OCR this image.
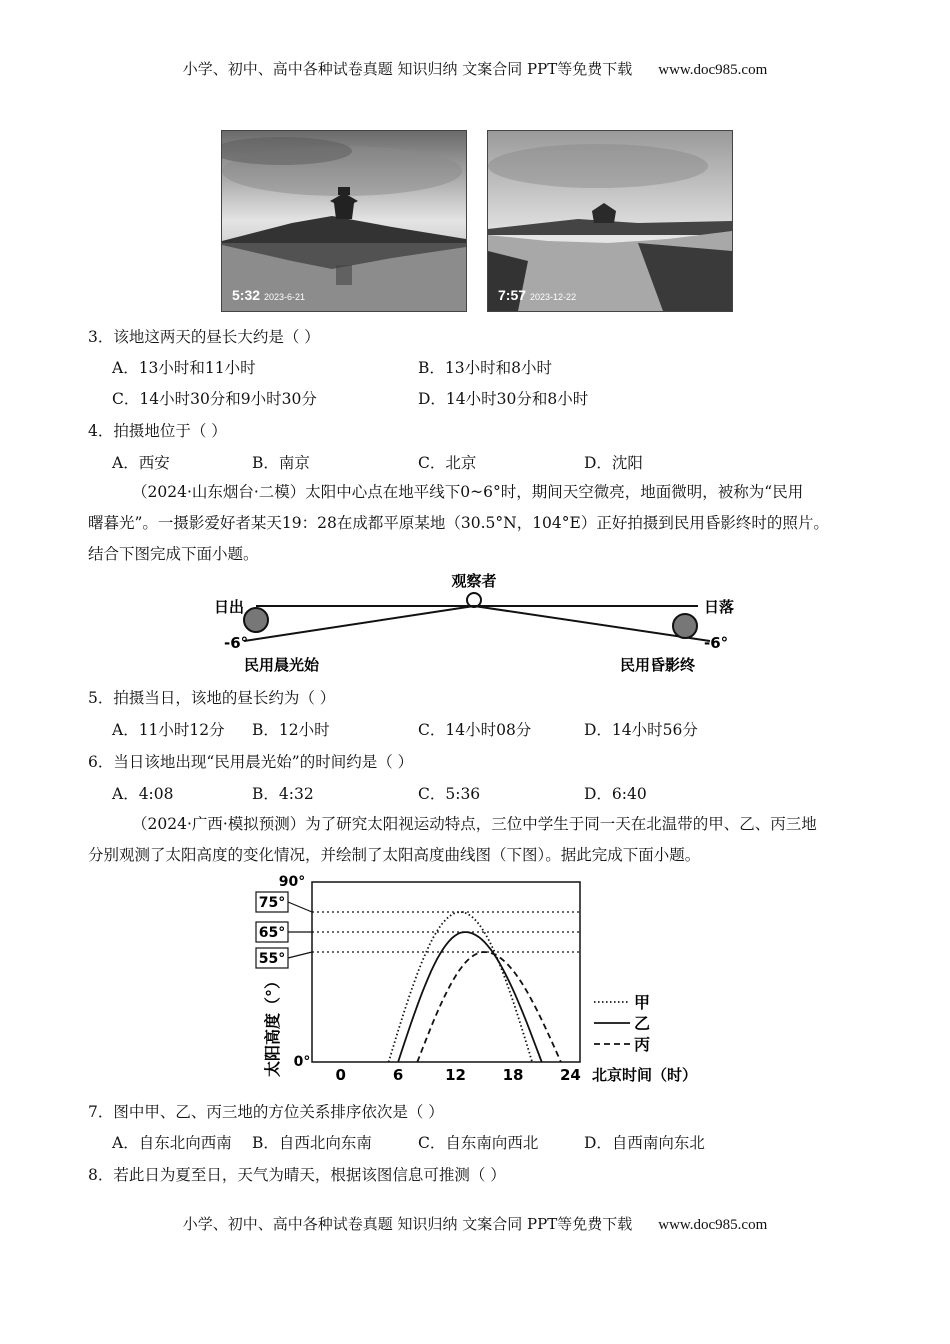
小学、初中、高中各种试卷真题 知识归纳 文案合同 PPT等免费下载 www.doc985.com
5:32 2023-6-21	7:57 2023-12-22
3．该地这两天的昼长大约是（ ）
A．13小时和11小时	B．13小时和8小时
C．14小时30分和9小时30分	D．14小时30分和8小时
4．拍摄地位于（ ）
A．西安	B．南京	C．北京	D．沈阳

（2024·山东烟台·二模）太阳中心点在地平线下0~6°时，期间天空微亮，地面微明，被称为“民用

曙暮光”。一摄影爱好者某天19：28在成都平原某地（30.5°N，104°E）正好拍摄到民用昏影终时的照片。

结合下图完成下面小题。

观察者
日出	日落
-6°	-6°
民用晨光始	民用昏影终
5．拍摄当日，该地的昼长约为（ ）
A．11小时12分 B．12小时	C．14小时08分	D．14小时56分
6．当日该地出现“民用晨光始”的时间约是（ ）
A．4:08	B．4:32	C．5:36	D．6:40

（2024·广西·模拟预测）为了研究太阳视运动特点，三位中学生于同一天在北温带的甲、乙、丙三地

分别观测了太阳高度的变化情况，并绘制了太阳高度曲线图（下图）。据此完成下面小题。

75°
65°
55°
0	6	12 18 24
90°
0°
太阳高度（°）	北京时间（时）
甲
乙
丙
7．图中甲、乙、丙三地的方位关系排序依次是（ ）
A．自东北向西南 B．自西北向东南	C．自东南向西北	D．自西南向东北
8．若此日为夏至日，天气为晴天，根据该图信息可推测（ ）
小学、初中、高中各种试卷真题 知识归纳 文案合同 PPT等免费下载 www.doc985.com
